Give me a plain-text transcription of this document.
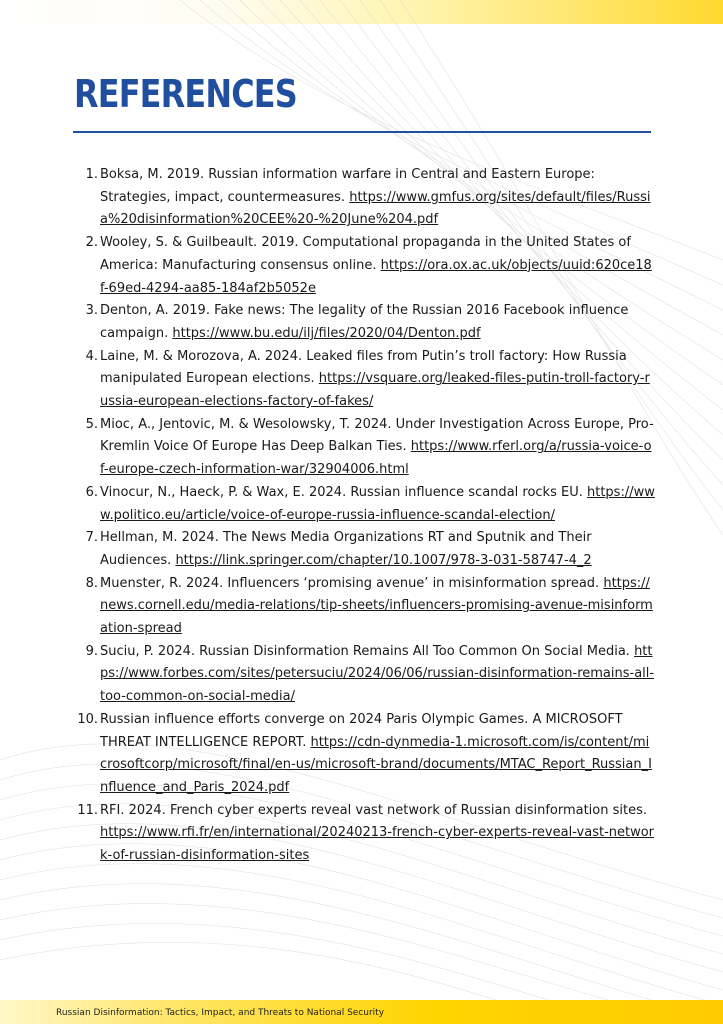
REFERENCES
1. Boksa, M. 2019. Russian information warfare in Central and Eastern Europe: Strategies, impact, countermeasures. https://www.gmfus.org/sites/default/files/Russia%20disinformation%20CEE%20-%20June%204.pdf
2. Wooley, S. & Guilbeault. 2019. Computational propaganda in the United States of America: Manufacturing consensus online. https://ora.ox.ac.uk/objects/uuid:620ce18f-69ed-4294-aa85-184af2b5052e
3. Denton, A. 2019. Fake news: The legality of the Russian 2016 Facebook influence campaign. https://www.bu.edu/ilj/files/2020/04/Denton.pdf
4. Laine, M. & Morozova, A. 2024. Leaked files from Putin’s troll factory: How Russia manipulated European elections. https://vsquare.org/leaked-files-putin-troll-factory-russia-european-elections-factory-of-fakes/
5. Mioc, A., Jentovic, M. & Wesolowsky, T. 2024. Under Investigation Across Europe, Pro-Kremlin Voice Of Europe Has Deep Balkan Ties. https://www.rferl.org/a/russia-voice-of-europe-czech-information-war/32904006.html
6. Vinocur, N., Haeck, P. & Wax, E. 2024. Russian influence scandal rocks EU. https://www.politico.eu/article/voice-of-europe-russia-influence-scandal-election/
7. Hellman, M. 2024. The News Media Organizations RT and Sputnik and Their Audiences. https://link.springer.com/chapter/10.1007/978-3-031-58747-4_2
8. Muenster, R. 2024. Influencers ‘promising avenue’ in misinformation spread. https://news.cornell.edu/media-relations/tip-sheets/influencers-promising-avenue-misinformation-spread
9. Suciu, P. 2024. Russian Disinformation Remains All Too Common On Social Media. https://www.forbes.com/sites/petersuciu/2024/06/06/russian-disinformation-remains-all-too-common-on-social-media/
10. Russian influence efforts converge on 2024 Paris Olympic Games. A MICROSOFT THREAT INTELLIGENCE REPORT. https://cdn-dynmedia-1.microsoft.com/is/content/microsoftcorp/microsoft/final/en-us/microsoft-brand/documents/MTAC_Report_Russian_Influence_and_Paris_2024.pdf
11. RFI. 2024. French cyber experts reveal vast network of Russian disinformation sites. https://www.rfi.fr/en/international/20240213-french-cyber-experts-reveal-vast-network-of-russian-disinformation-sites
Russian Disinformation: Tactics, Impact, and Threats to National Security
